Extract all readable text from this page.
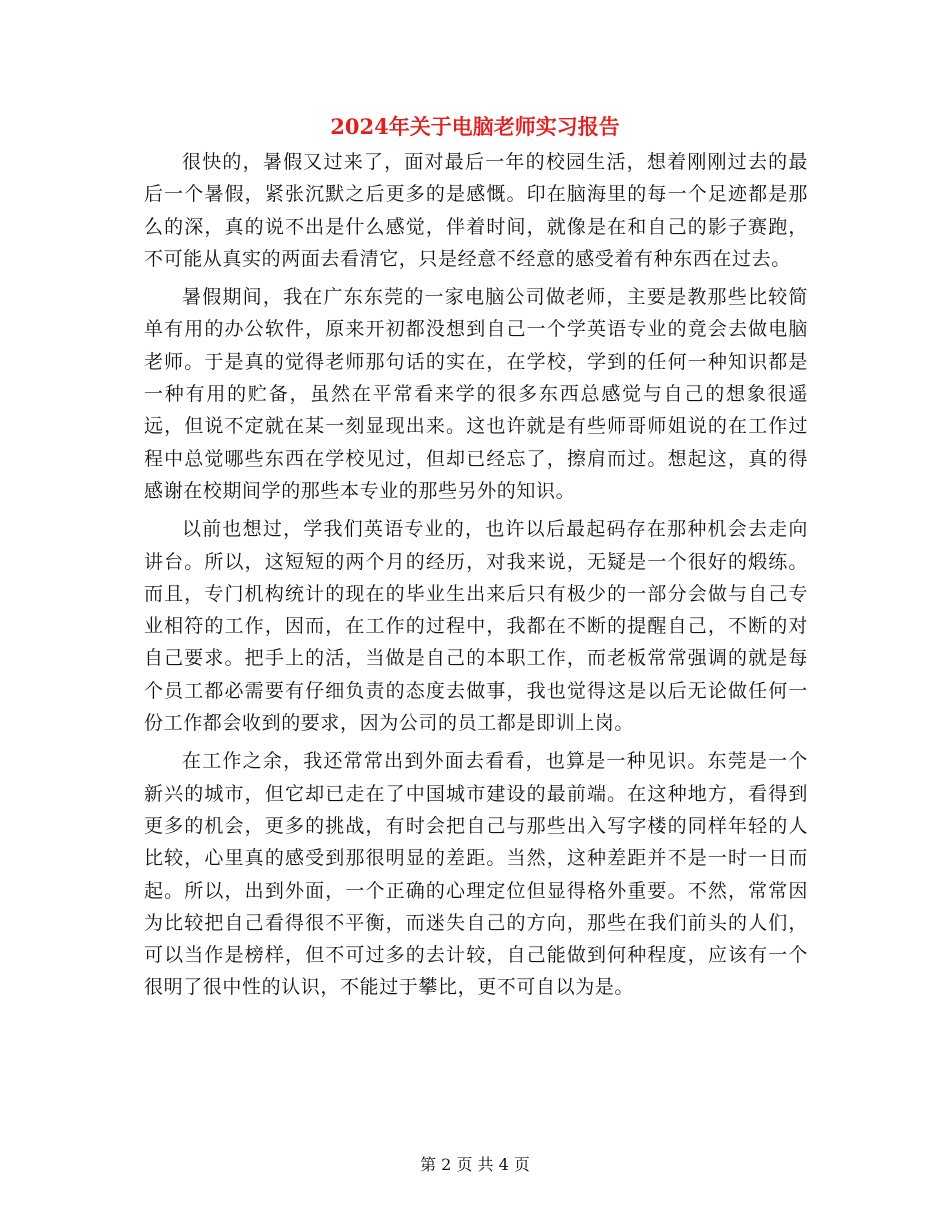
2024年关于电脑老师实习报告

很快的，暑假又过来了，面对最后一年的校园生活，想着刚刚过去的最后一个暑假，紧张沉默之后更多的是感慨。印在脑海里的每一个足迹都是那么的深，真的说不出是什么感觉，伴着时间，就像是在和自己的影子赛跑，不可能从真实的两面去看清它，只是经意不经意的感受着有种东西在过去。

暑假期间，我在广东东莞的一家电脑公司做老师，主要是教那些比较简单有用的办公软件，原来开初都没想到自己一个学英语专业的竟会去做电脑老师。于是真的觉得老师那句话的实在，在学校，学到的任何一种知识都是一种有用的贮备，虽然在平常看来学的很多东西总感觉与自己的想象很遥远，但说不定就在某一刻显现出来。这也许就是有些师哥师姐说的在工作过程中总觉哪些东西在学校见过，但却已经忘了，擦肩而过。想起这，真的得感谢在校期间学的那些本专业的那些另外的知识。

以前也想过，学我们英语专业的，也许以后最起码存在那种机会去走向讲台。所以，这短短的两个月的经历，对我来说，无疑是一个很好的煅练。而且，专门机构统计的现在的毕业生出来后只有极少的一部分会做与自己专业相符的工作，因而，在工作的过程中，我都在不断的提醒自己，不断的对自己要求。把手上的活，当做是自己的本职工作，而老板常常强调的就是每个员工都必需要有仔细负责的态度去做事，我也觉得这是以后无论做任何一份工作都会收到的要求，因为公司的员工都是即训上岗。

在工作之余，我还常常出到外面去看看，也算是一种见识。东莞是一个新兴的城市，但它却已走在了中国城市建设的最前端。在这种地方，看得到更多的机会，更多的挑战，有时会把自己与那些出入写字楼的同样年轻的人比较，心里真的感受到那很明显的差距。当然，这种差距并不是一时一日而起。所以，出到外面，一个正确的心理定位但显得格外重要。不然，常常因为比较把自己看得很不平衡，而迷失自己的方向，那些在我们前头的人们，可以当作是榜样，但不可过多的去计较，自己能做到何种程度，应该有一个很明了很中性的认识，不能过于攀比，更不可自以为是。

第 2 页 共 4 页
